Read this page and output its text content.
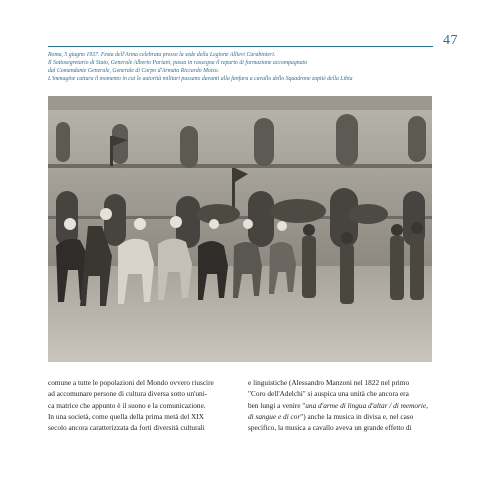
47
Roma, 5 giugno 1937. Festa dell'Arma celebrata presso la sede della Legione Allievi Carabinieri.
Il Sottosegretario di Stato, Generale Alberto Pariani, passa in rassegna il reparto di formazione accompagnato
dal Comandante Generale, Generale di Corpo d'Armata Riccardo Moizo.
L'immagine cattura il momento in cui le autorità militari passano davanti alla fanfara a cavallo dello Squadrone zaptiè della Libia
comune a tutte le popolazioni del Mondo ovvero riuscire
ad accomunare persone di cultura diversa sotto un'uni-
ca matrice che appunto è il suono e la comunicazione.
In una società, come quella della prima metà del XIX
secolo ancora caratterizzata da forti diversità culturali
e linguistiche (Alessandro Manzoni nel 1822 nel primo
"Coro dell'Adelchi" si auspica una unità che ancora era
ben lungi a venire "una d'arme di lingua d'altar / di memorie,
di sangue e di cor") anche la musica in divisa e, nel caso
specifico, la musica a cavallo aveva un grande effetto di
